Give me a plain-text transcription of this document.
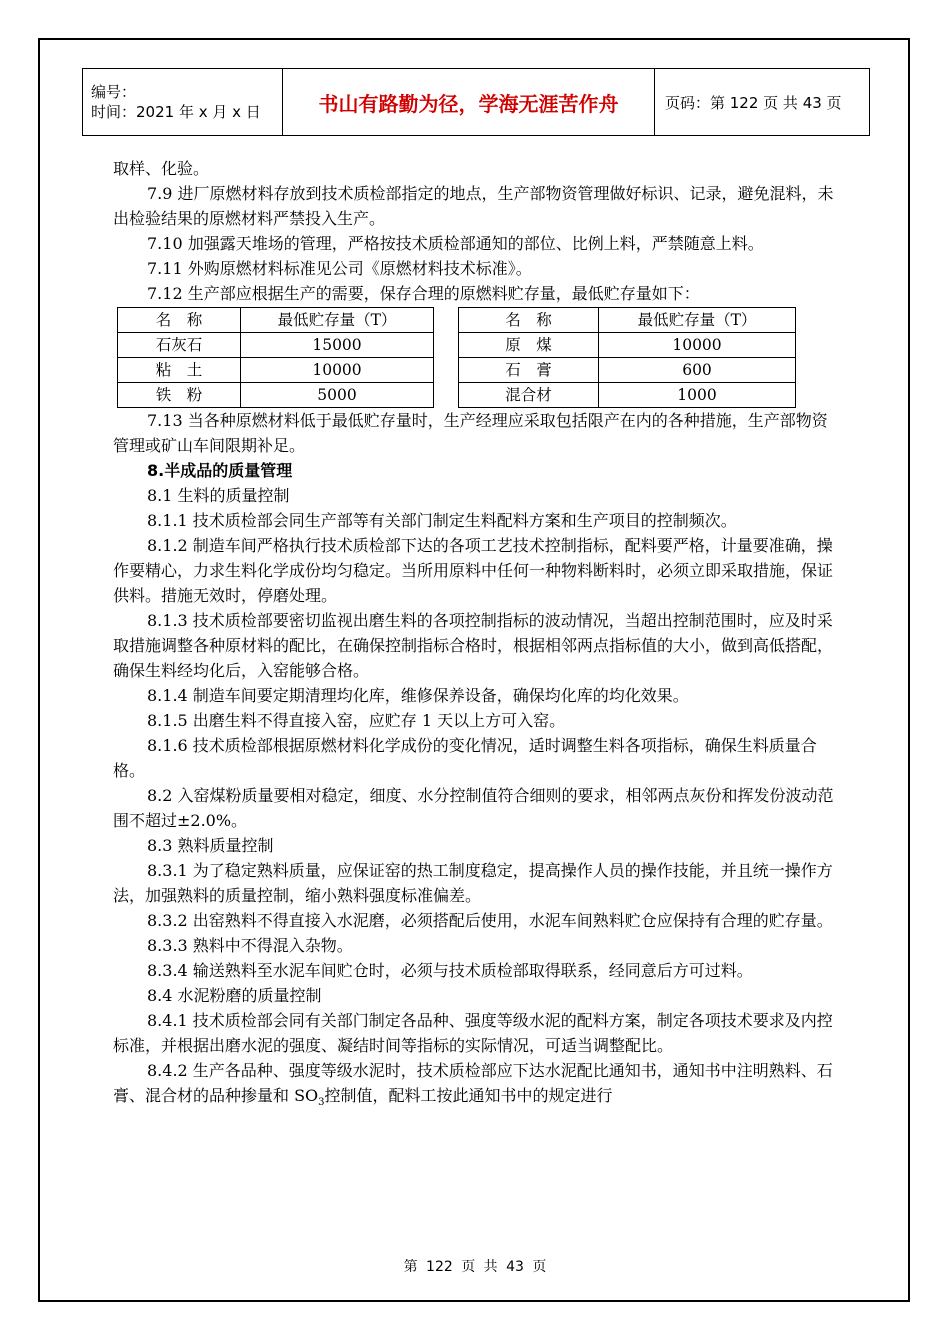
编号：
时间：2021 年 x 月 x 日	书山有路勤为径，学海无涯苦作舟	页码：第 122 页 共 43 页

取样、化验。

7.9 进厂原燃材料存放到技术质检部指定的地点，生产部物资管理做好标识、记录，避免混料，未出检验结果的原燃材料严禁投入生产。

7.10 加强露天堆场的管理，严格按技术质检部通知的部位、比例上料，严禁随意上料。

7.11 外购原燃材料标准见公司《原燃材料技术标准》。

7.12 生产部应根据生产的需要，保存合理的原燃料贮存量，最低贮存量如下：

名　称	最低贮存量（T）
石灰石	15000
粘　土	10000
铁　粉	5000
名　称	最低贮存量（T）
原　煤	10000
石　膏	600
混合材	1000

7.13 当各种原燃材料低于最低贮存量时，生产经理应采取包括限产在内的各种措施，生产部物资管理或矿山车间限期补足。

8.半成品的质量管理

8.1 生料的质量控制

8.1.1 技术质检部会同生产部等有关部门制定生料配料方案和生产项目的控制频次。

8.1.2 制造车间严格执行技术质检部下达的各项工艺技术控制指标，配料要严格，计量要准确，操作要精心，力求生料化学成份均匀稳定。当所用原料中任何一种物料断料时，必须立即采取措施，保证供料。措施无效时，停磨处理。

8.1.3 技术质检部要密切监视出磨生料的各项控制指标的波动情况，当超出控制范围时，应及时采取措施调整各种原材料的配比，在确保控制指标合格时，根据相邻两点指标值的大小，做到高低搭配，确保生料经均化后，入窑能够合格。

8.1.4 制造车间要定期清理均化库，维修保养设备，确保均化库的均化效果。

8.1.5 出磨生料不得直接入窑，应贮存 1 天以上方可入窑。

8.1.6 技术质检部根据原燃材料化学成份的变化情况，适时调整生料各项指标，确保生料质量合格。

8.2 入窑煤粉质量要相对稳定，细度、水分控制值符合细则的要求，相邻两点灰份和挥发份波动范围不超过±2.0%。

8.3 熟料质量控制

8.3.1 为了稳定熟料质量，应保证窑的热工制度稳定，提高操作人员的操作技能，并且统一操作方法，加强熟料的质量控制，缩小熟料强度标准偏差。

8.3.2 出窑熟料不得直接入水泥磨，必须搭配后使用，水泥车间熟料贮仓应保持有合理的贮存量。

8.3.3 熟料中不得混入杂物。

8.3.4 输送熟料至水泥车间贮仓时，必须与技术质检部取得联系，经同意后方可过料。

8.4 水泥粉磨的质量控制

8.4.1 技术质检部会同有关部门制定各品种、强度等级水泥的配料方案，制定各项技术要求及内控标准，并根据出磨水泥的强度、凝结时间等指标的实际情况，可适当调整配比。

8.4.2 生产各品种、强度等级水泥时，技术质检部应下达水泥配比通知书，通知书中注明熟料、石膏、混合材的品种掺量和 $SO_3$控制值，配料工按此通知书中的规定进行

第 122 页 共 43 页
